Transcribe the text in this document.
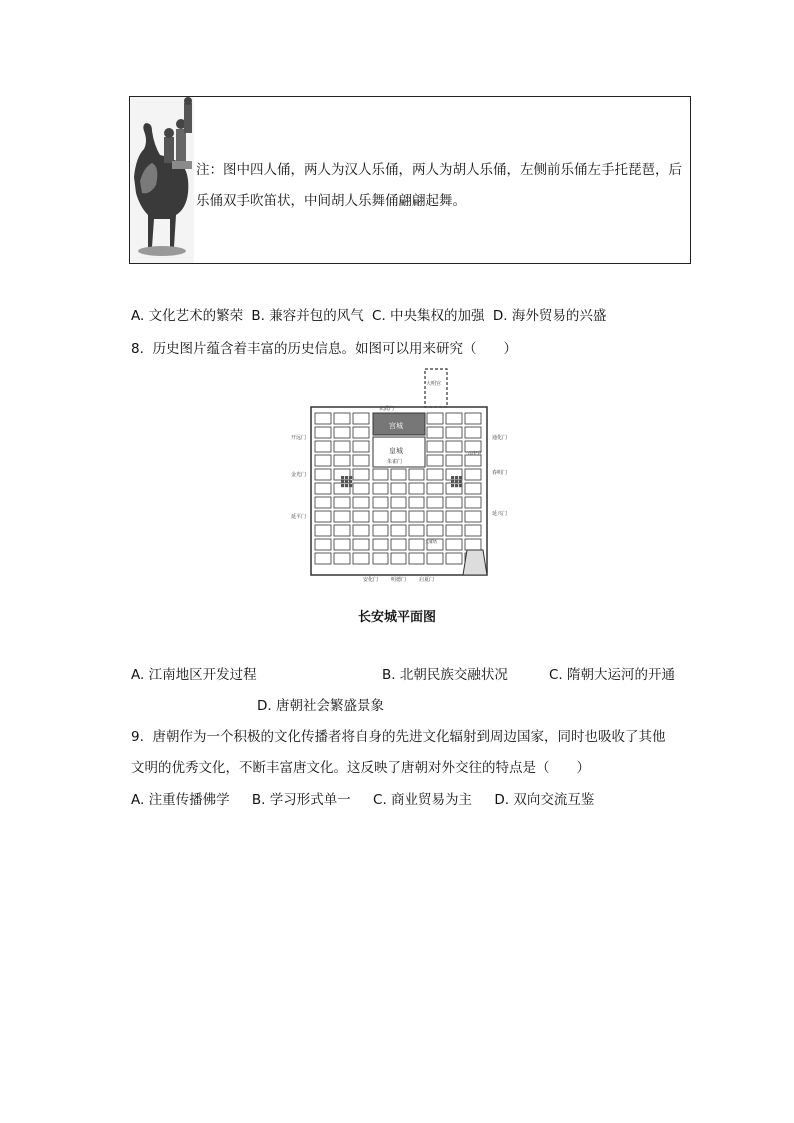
注：图中四人俑，两人为汉人乐俑，两人为胡人乐俑，左侧前乐俑左手托琵琶，后乐俑双手吹笛状，中间胡人乐舞俑翩翩起舞。
A. 文化艺术的繁荣 B. 兼容并包的风气 C. 中央集权的加强 D. 海外贸易的兴盛
8. 历史图片蕴含着丰富的历史信息。如图可以用来研究（　　）
大明宫
宫城
玄武门
皇城
朱雀门
开远门
金光门
延平门
通化门
兴庆宫
春明门
延兴门
大雁塔
安化门	明德门	启夏门
长安城平面图
A. 江南地区开发过程	B. 北朝民族交融状况	C. 隋朝大运河的开通
D. 唐朝社会繁盛景象
9. 唐朝作为一个积极的文化传播者将自身的先进文化辐射到周边国家，同时也吸收了其他
文明的优秀文化，不断丰富唐文化。这反映了唐朝对外交往的特点是（　　）
A. 注重传播佛学 B. 学习形式单一 C. 商业贸易为主 D. 双向交流互鉴
